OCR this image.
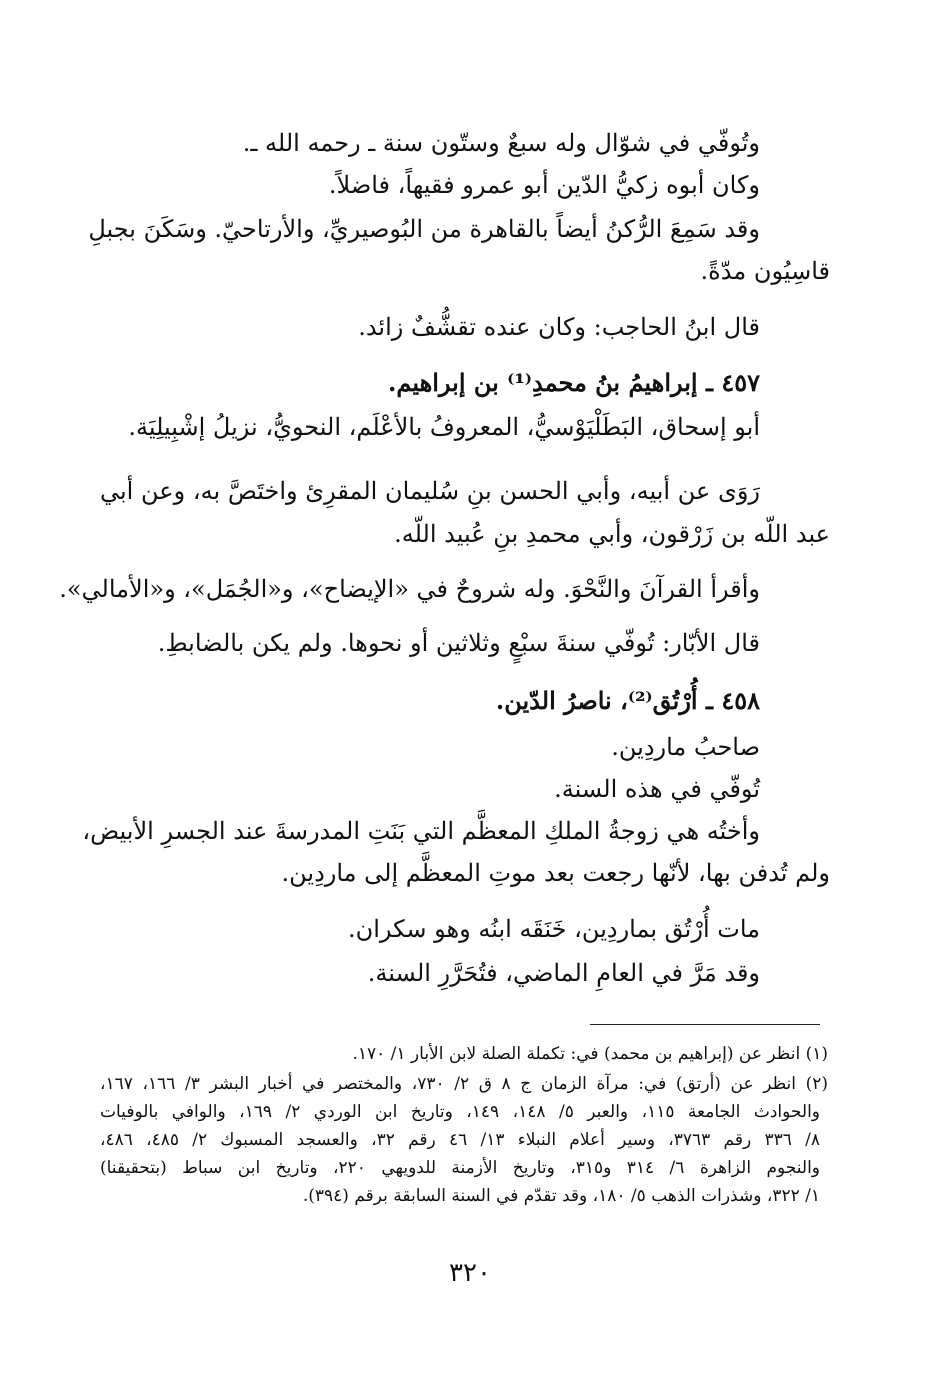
وتُوفّي في شوّال وله سبعٌ وستّون سنة ـ رحمه الله ـ.
وكان أبوه زكيُّ الدّين أبو عمرو فقيهاً، فاضلاً.
وقد سَمِعَ الرُّكنُ أيضاً بالقاهرة من البُوصيريِّ، والأرتاحيّ. وسَكَنَ بجبلِ
قاسِيُون مدّةً.
قال ابنُ الحاجب: وكان عنده تقشُّفٌ زائد.
٤٥٧ ـ إبراهيمُ بنُ محمدِ⁽¹⁾ بن إبراهيم.
أبو إسحاق، البَطَلْيَوْسيُّ، المعروفُ بالأعْلَم، النحويُّ، نزيلُ إشْبِيلِيَة.
رَوَى عن أبيه، وأبي الحسن بنِ سُليمان المقرِئ واختَصَّ به، وعن أبي
عبد اللّه بن زَرْقون، وأبي محمدِ بنِ عُبيد اللّه.
وأقرأ القرآنَ والنَّحْوَ. وله شروحٌ في «الإيضاح»، و«الجُمَل»، و«الأمالي».
قال الأبّار: تُوفّي سنةَ سبْعٍ وثلاثين أو نحوها. ولم يكن بالضابطِ.
٤٥٨ ـ أُرْتُق⁽²⁾، ناصرُ الدّين.
صاحبُ ماردِين.
تُوفّي في هذه السنة.
وأختُه هي زوجةُ الملكِ المعظَّم التي بَنَتِ المدرسةَ عند الجسرِ الأبيض،
ولم تُدفن بها، لأنّها رجعت بعد موتِ المعظَّم إلى ماردِين.
مات أُرْتُق بماردِين، خَنَقَه ابنُه وهو سكران.
وقد مَرَّ في العامِ الماضي، فتُحَرَّرِ السنة.
(١) انظر عن (إبراهيم بن محمد) في: تكملة الصلة لابن الأبار ١/ ١٧٠.
(٢) انظر عن (أرتق) في: مرآة الزمان ج ٨ ق ٢/ ٧٣٠، والمختصر في أخبار البشر ٣/ ١٦٦، ١٦٧،
والحوادث الجامعة ١١٥، والعبر ٥/ ١٤٨، ١٤٩، وتاريخ ابن الوردي ٢/ ١٦٩، والوافي بالوفيات
٨/ ٣٣٦ رقم ٣٧٦٣، وسير أعلام النبلاء ١٣/ ٤٦ رقم ٣٢، والعسجد المسبوك ٢/ ٤٨٥، ٤٨٦،
والنجوم الزاهرة ٦/ ٣١٤ و٣١٥، وتاريخ الأزمنة للدويهي ٢٢٠، وتاريخ ابن سباط (بتحقيقنا)
١/ ٣٢٢، وشذرات الذهب ٥/ ١٨٠، وقد تقدّم في السنة السابقة برقم (٣٩٤).
٣٢٠
